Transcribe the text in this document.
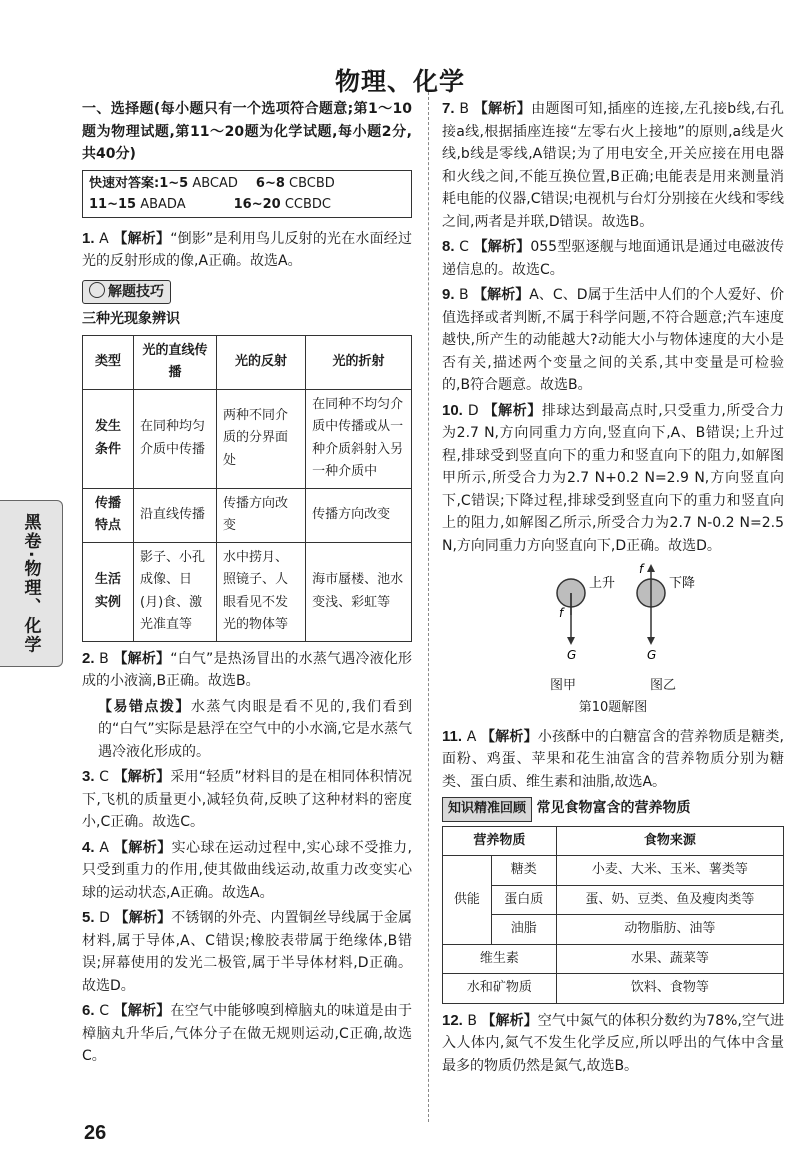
物理、化学
黑卷·物理、化学

一、选择题(每小题只有一个选项符合题意;第1～10题为物理试题,第11～20题为化学试题,每小题2分,共40分)

快速对答案:1~5 ABCAD 6~8 CBCBD
11~15 ABADA	16~20 CCBDC

1. A 【解析】“倒影”是利用鸟儿反射的光在水面经过光的反射形成的像,A正确。故选A。

解题技巧
三种光现象辨识
类型	光的直线传播	光的反射	光的折射
发生条件	在同种均匀介质中传播	两种不同介质的分界面处	在同种不均匀介质中传播或从一种介质斜射入另一种介质中
传播特点	沿直线传播	传播方向改变	传播方向改变
生活实例	影子、小孔成像、日(月)食、激光准直等	水中捞月、照镜子、人眼看见不发光的物体等	海市蜃楼、池水变浅、彩虹等

2. B 【解析】“白气”是热汤冒出的水蒸气遇冷液化形成的小液滴,B正确。故选B。

【易错点拨】水蒸气肉眼是看不见的,我们看到的“白气”实际是悬浮在空气中的小水滴,它是水蒸气遇冷液化形成的。

3. C 【解析】采用“轻质”材料目的是在相同体积情况下,飞机的质量更小,减轻负荷,反映了这种材料的密度小,C正确。故选C。

4. A 【解析】实心球在运动过程中,实心球不受推力,只受到重力的作用,使其做曲线运动,故重力改变实心球的运动状态,A正确。故选A。

5. D 【解析】不锈钢的外壳、内置铜丝导线属于金属材料,属于导体,A、C错误;橡胶表带属于绝缘体,B错误;屏幕使用的发光二极管,属于半导体材料,D正确。故选D。

6. C 【解析】在空气中能够嗅到樟脑丸的味道是由于樟脑丸升华后,气体分子在做无规则运动,C正确,故选C。

7. B 【解析】由题图可知,插座的连接,左孔接b线,右孔接a线,根据插座连接“左零右火上接地”的原则,a线是火线,b线是零线,A错误;为了用电安全,开关应接在用电器和火线之间,不能互换位置,B正确;电能表是用来测量消耗电能的仪器,C错误;电视机与台灯分别接在火线和零线之间,两者是并联,D错误。故选B。

8. C 【解析】055型驱逐舰与地面通讯是通过电磁波传递信息的。故选C。

9. B 【解析】A、C、D属于生活中人们的个人爱好、价值选择或者判断,不属于科学问题,不符合题意;汽车速度越快,所产生的动能越大?动能大小与物体速度的大小是否有关,描述两个变量之间的关系,其中变量是可检验的,B符合题意。故选B。

10. D 【解析】排球达到最高点时,只受重力,所受合力为2.7 N,方向同重力方向,竖直向下,A、B错误;上升过程,排球受到竖直向下的重力和竖直向下的阻力,如解图甲所示,所受合力为2.7 N+0.2 N=2.9 N,方向竖直向下,C错误;下降过程,排球受到竖直向下的重力和竖直向上的阻力,如解图乙所示,所受合力为2.7 N-0.2 N=2.5 N,方向同重力方向竖直向下,D正确。故选D。

f
G
上升
f
G
下降
图甲	图乙
第10题解图

11. A 【解析】小孩酥中的白糖富含的营养物质是糖类,面粉、鸡蛋、苹果和花生油富含的营养物质分别为糖类、蛋白质、维生素和油脂,故选A。

知识精准回顾 常见食物富含的营养物质
营养物质		食物来源
供能	糖类	小麦、大米、玉米、薯类等
	蛋白质	蛋、奶、豆类、鱼及瘦肉类等
	油脂	动物脂肪、油等
维生素		水果、蔬菜等
水和矿物质		饮料、食物等

12. B 【解析】空气中氮气的体积分数约为78%,空气进入人体内,氮气不发生化学反应,所以呼出的气体中含量最多的物质仍然是氮气,故选B。

26
